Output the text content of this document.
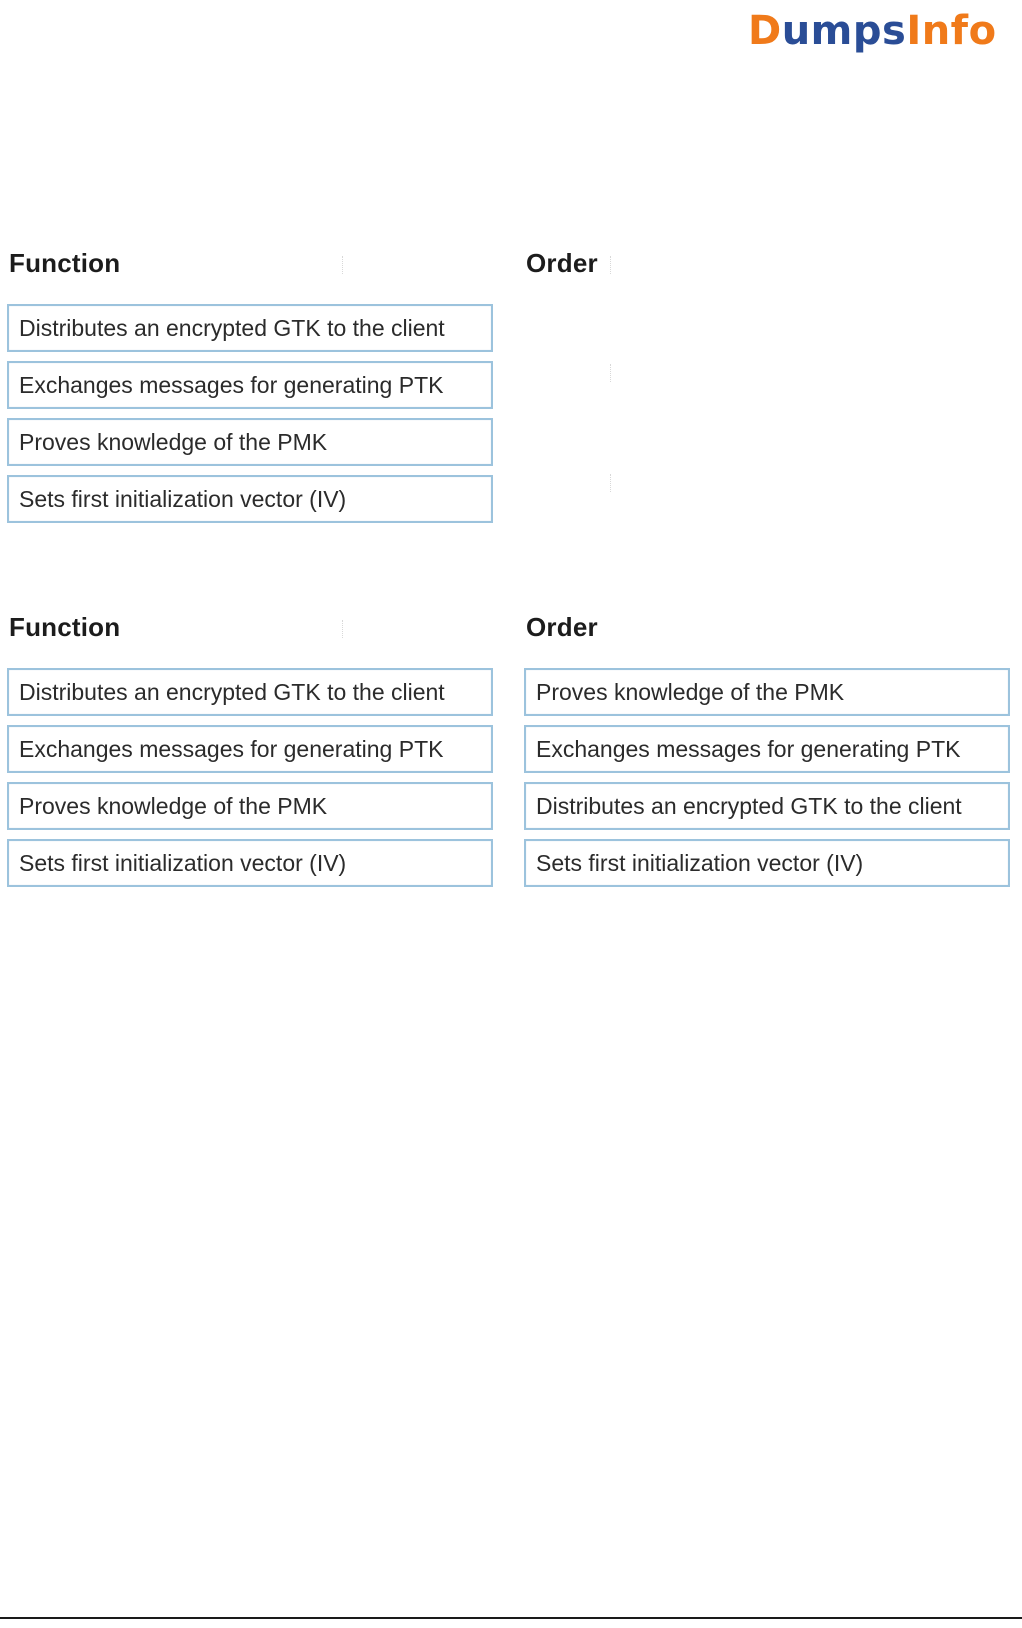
D umps Info
Function	Order
Distributes an encrypted GTK to the client
Exchanges messages for generating PTK
Proves knowledge of the PMK
Sets first initialization vector (IV)
Function	Order
Distributes an encrypted GTK to the client
Exchanges messages for generating PTK
Proves knowledge of the PMK
Sets first initialization vector (IV)
Proves knowledge of the PMK
Exchanges messages for generating PTK
Distributes an encrypted GTK to the client
Sets first initialization vector (IV)
